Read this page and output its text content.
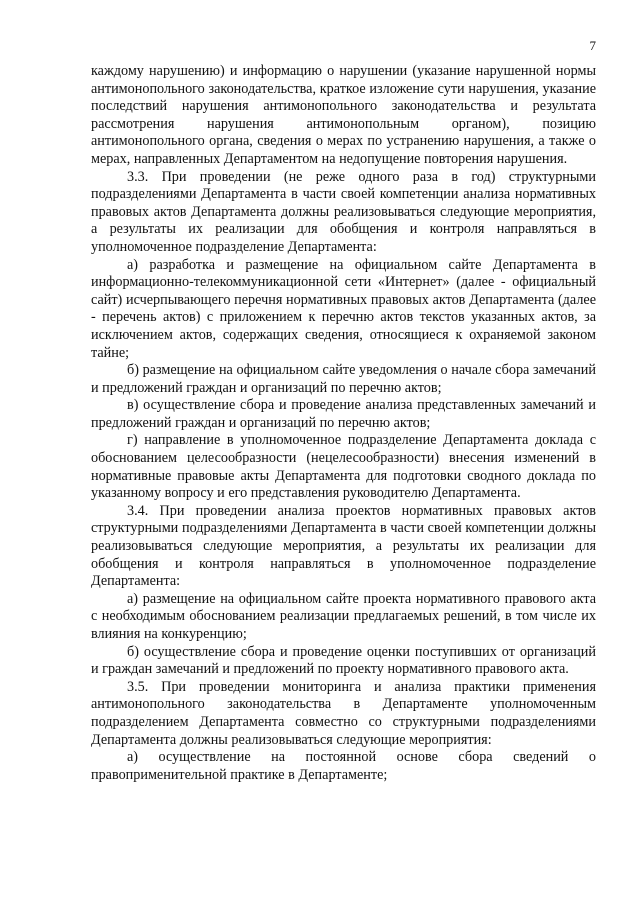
7

каждому нарушению) и информацию о нарушении (указание нарушенной нормы антимонопольного законодательства, краткое изложение сути нарушения, указание последствий нарушения антимонопольного законодательства и результата рассмотрения нарушения антимонопольным органом), позицию антимонопольного органа, сведения о мерах по устранению нарушения, а также о мерах, направленных Департаментом на недопущение повторения нарушения.

3.3. При проведении (не реже одного раза в год) структурными подразделениями Департамента в части своей компетенции анализа нормативных правовых актов Департамента должны реализовываться следующие мероприятия, а результаты их реализации для обобщения и контроля направляться в уполномоченное подразделение Департамента:

а) разработка и размещение на официальном сайте Департамента в информационно-телекоммуникационной сети «Интернет» (далее - официальный сайт) исчерпывающего перечня нормативных правовых актов Департамента (далее - перечень актов) с приложением к перечню актов текстов указанных актов, за исключением актов, содержащих сведения, относящиеся к охраняемой законом тайне;

б) размещение на официальном сайте уведомления о начале сбора замечаний и предложений граждан и организаций по перечню актов;

в) осуществление сбора и проведение анализа представленных замечаний и предложений граждан и организаций по перечню актов;

г) направление в уполномоченное подразделение Департамента доклада с обоснованием целесообразности (нецелесообразности) внесения изменений в нормативные правовые акты Департамента для подготовки сводного доклада по указанному вопросу и его представления руководителю Департамента.

3.4. При проведении анализа проектов нормативных правовых актов структурными подразделениями Департамента в части своей компетенции должны реализовываться следующие мероприятия, а результаты их реализации для обобщения и контроля направляться в уполномоченное подразделение Департамента:

а) размещение на официальном сайте проекта нормативного правового акта с необходимым обоснованием реализации предлагаемых решений, в том числе их влияния на конкуренцию;

б) осуществление сбора и проведение оценки поступивших от организаций и граждан замечаний и предложений по проекту нормативного правового акта.

3.5. При проведении мониторинга и анализа практики применения антимонопольного законодательства в Департаменте уполномоченным подразделением Департамента совместно со структурными подразделениями Департамента должны реализовываться следующие мероприятия:

а) осуществление на постоянной основе сбора сведений о правоприменительной практике в Департаменте;
